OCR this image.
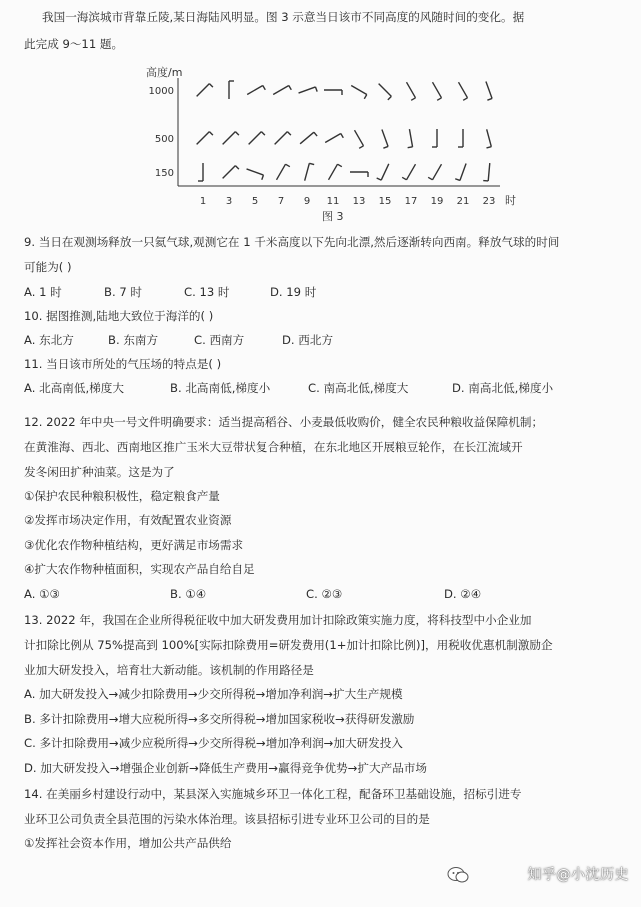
我国一海滨城市背靠丘陵,某日海陆风明显。图 3 示意当日该市不同高度的风随时间的变化。据
此完成 9～11 题。
高度/m
时
图 3
1000
500
150
1 3 5 7 9 11 13 15 17 19 21 23
9. 当日在观测场释放一只氦气球,观测它在 1 千米高度以下先向北漂,然后逐渐转向西南。释放气球的时间
可能为( )
A. 1 时	B. 7 时	C. 13 时	D. 19 时
10. 据图推测,陆地大致位于海洋的( )
A. 东北方	B. 东南方	C. 西南方	D. 西北方
11. 当日该市所处的气压场的特点是( )
A. 北高南低,梯度大	B. 北高南低,梯度小	C. 南高北低,梯度大	D. 南高北低,梯度小
12. 2022 年中央一号文件明确要求：适当提高稻谷、小麦最低收购价，健全农民种粮收益保障机制；
在黄淮海、西北、西南地区推广玉米大豆带状复合种植，在东北地区开展粮豆轮作，在长江流域开
发冬闲田扩种油菜。这是为了
①保护农民种粮积极性，稳定粮食产量
②发挥市场决定作用，有效配置农业资源
③优化农作物种植结构，更好满足市场需求
④扩大农作物种植面积，实现农产品自给自足
A. ①③	B. ①④	C. ②③	D. ②④
13. 2022 年，我国在企业所得税征收中加大研发费用加计扣除政策实施力度，将科技型中小企业加
计扣除比例从 75%提高到 100%[实际扣除费用=研发费用(1+加计扣除比例)]，用税收优惠机制激励企
业加大研发投入，培育壮大新动能。该机制的作用路径是
A. 加大研发投入→减少扣除费用→少交所得税→增加净利润→扩大生产规模
B. 多计扣除费用→增大应税所得→多交所得税→增加国家税收→获得研发激励
C. 多计扣除费用→减少应税所得→少交所得税→增加净利润→加大研发投入
D. 加大研发投入→增强企业创新→降低生产费用→赢得竞争优势→扩大产品市场
14. 在美丽乡村建设行动中，某县深入实施城乡环卫一体化工程，配备环卫基础设施，招标引进专
业环卫公司负责全县范围的污染水体治理。该县招标引进专业环卫公司的目的是
①发挥社会资本作用，增加公共产品供给
知乎@小沈历史
